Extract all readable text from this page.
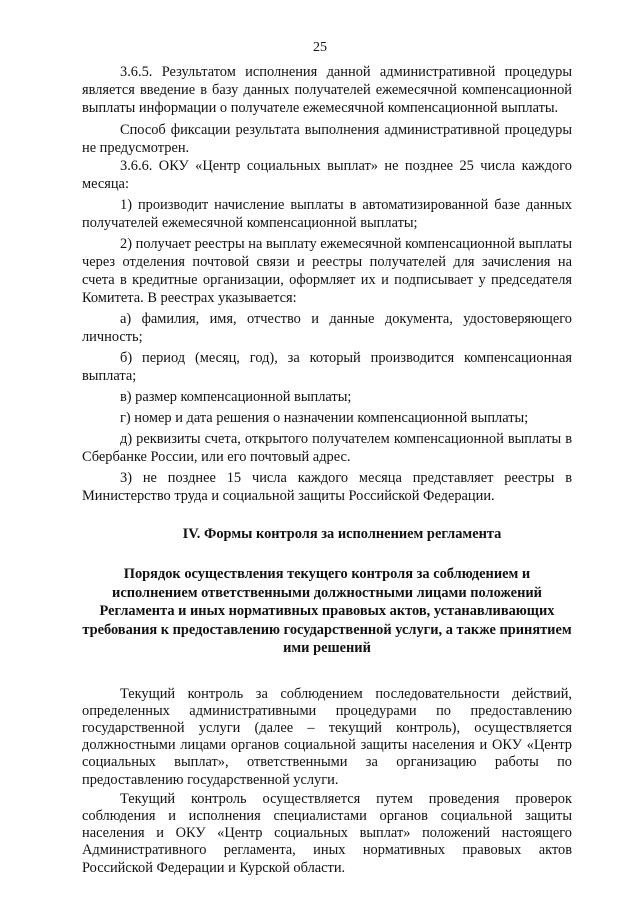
25

3.6.5. Результатом исполнения данной административной процедуры является введение в базу данных получателей ежемесячной компенсационной выплаты информации о получателе ежемесячной компенсационной выплаты.

Способ фиксации результата выполнения административной процедуры не предусмотрен.

3.6.6. ОКУ «Центр социальных выплат» не позднее 25 числа каждого месяца:

1) производит начисление выплаты в автоматизированной базе данных получателей ежемесячной компенсационной выплаты;

2) получает реестры на выплату ежемесячной компенсационной выплаты через отделения почтовой связи и реестры получателей для зачисления на счета в кредитные организации, оформляет их и подписывает у председателя Комитета. В реестрах указывается:

а) фамилия, имя, отчество и данные документа, удостоверяющего личность;

б) период (месяц, год), за который производится компенсационная выплата;

в) размер компенсационной выплаты;

г) номер и дата решения о назначении компенсационной выплаты;

д) реквизиты счета, открытого получателем компенсационной выплаты в Сбербанке России, или его почтовый адрес.

3) не позднее 15 числа каждого месяца представляет реестры в Министерство труда и социальной защиты Российской Федерации.

IV. Формы контроля за исполнением регламента
Порядок осуществления текущего контроля за соблюдением и исполнением ответственными должностными лицами положений Регламента и иных нормативных правовых актов, устанавливающих требования к предоставлению государственной услуги, а также принятием ими решений

Текущий контроль за соблюдением последовательности действий, определенных административными процедурами по предоставлению государственной услуги (далее – текущий контроль), осуществляется должностными лицами органов социальной защиты населения и ОКУ «Центр социальных выплат», ответственными за организацию работы по предоставлению государственной услуги.

Текущий контроль осуществляется путем проведения проверок соблюдения и исполнения специалистами органов социальной защиты населения и ОКУ «Центр социальных выплат» положений настоящего Административного регламента, иных нормативных правовых актов Российской Федерации и Курской области.
